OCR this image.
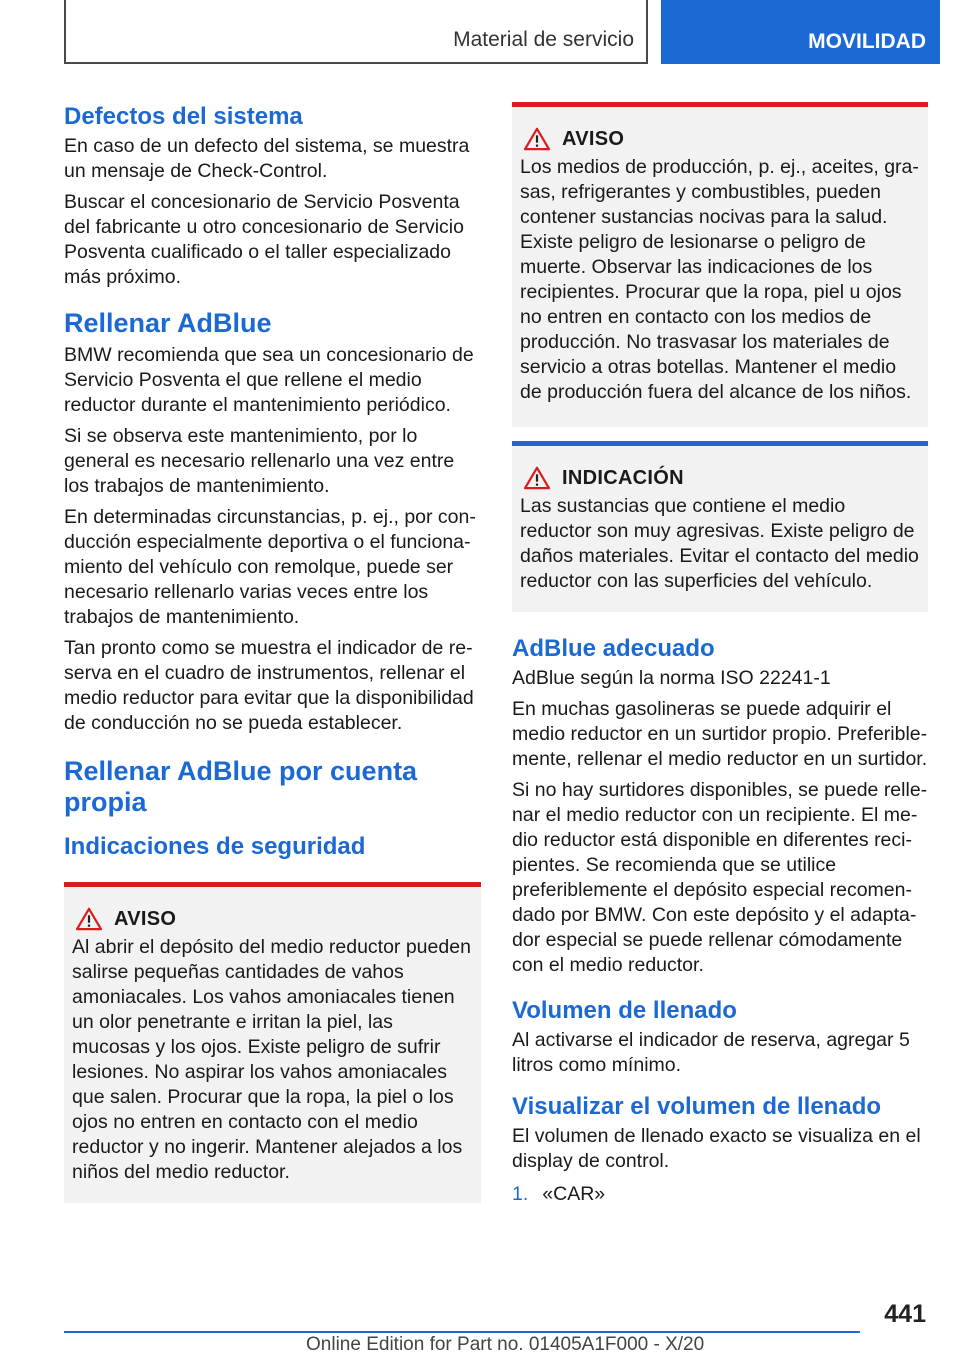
Material de servicio	MOVILIDAD
Defectos del sistema

En caso de un defecto del sistema, se muestra un mensaje de Check-Control.

Buscar el concesionario de Servicio Posventa del fabricante u otro concesionario de Servicio Posventa cualificado o el taller especializado más próximo.

Rellenar AdBlue

BMW recomienda que sea un concesionario de Servicio Posventa el que rellene el medio reductor durante el mantenimiento periódico.

Si se observa este mantenimiento, por lo general es necesario rellenarlo una vez entre los trabajos de mantenimiento.

En determinadas circunstancias, p. ej., por conducción especialmente deportiva o el funcionamiento del vehículo con remolque, puede ser necesario rellenarlo varias veces entre los trabajos de mantenimiento.

Tan pronto como se muestra el indicador de reserva en el cuadro de instrumentos, rellenar el medio reductor para evitar que la disponibilidad de conducción no se pueda establecer.

Rellenar AdBlue por cuenta propia
Indicaciones de seguridad
AVISO

Al abrir el depósito del medio reductor pueden salirse pequeñas cantidades de vahos amoniacales. Los vahos amoniacales tienen un olor penetrante e irritan la piel, las mucosas y los ojos. Existe peligro de sufrir lesiones. No aspirar los vahos amoniacales que salen. Procurar que la ropa, la piel o los ojos no entren en contacto con el medio reductor y no ingerir. Mantener alejados a los niños del medio reductor.

AVISO

Los medios de producción, p. ej., aceites, grasas, refrigerantes y combustibles, pueden contener sustancias nocivas para la salud. Existe peligro de lesionarse o peligro de muerte. Observar las indicaciones de los recipientes. Procurar que la ropa, piel u ojos no entren en contacto con los medios de producción. No trasvasar los materiales de servicio a otras botellas. Mantener el medio de producción fuera del alcance de los niños.

INDICACIÓN

Las sustancias que contiene el medio reductor son muy agresivas. Existe peligro de daños materiales. Evitar el contacto del medio reductor con las superficies del vehículo.

AdBlue adecuado

AdBlue según la norma ISO 22241-1

En muchas gasolineras se puede adquirir el medio reductor en un surtidor propio. Preferiblemente, rellenar el medio reductor en un surtidor.

Si no hay surtidores disponibles, se puede rellenar el medio reductor con un recipiente. El medio reductor está disponible en diferentes recipientes. Se recomienda que se utilice preferiblemente el depósito especial recomendado por BMW. Con este depósito y el adaptador especial se puede rellenar cómodamente con el medio reductor.

Volumen de llenado

Al activarse el indicador de reserva, agregar 5 litros como mínimo.

Visualizar el volumen de llenado

El volumen de llenado exacto se visualiza en el display de control.

1. «CAR»
441
Online Edition for Part no. 01405A1F000 - X/20
